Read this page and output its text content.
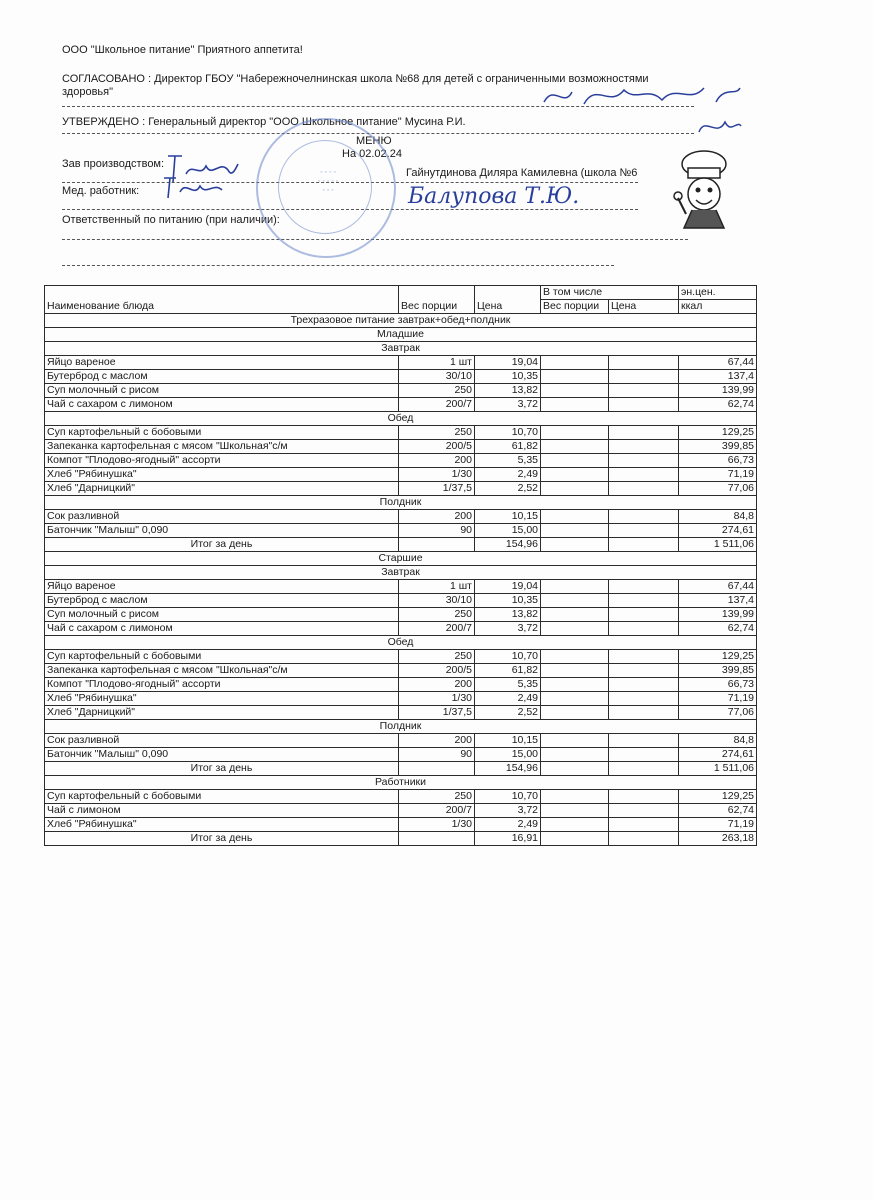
ООО "Школьное питание" Приятного аппетита!
СОГЛАСОВАНО : Директор ГБОУ "Набережночелнинская школа №68 для детей с ограниченными возможностями
здоровья"
УТВЕРЖДЕНО : Генеральный директор "ООО Школьное питание" Мусина Р.И.
МЕНЮ
На 02.02.24
Зав производством:
Гайнутдинова Диляра Камилевна (школа №6
Мед. работник:
Ответственный по питанию (при наличии):
◦ ◦ ◦ ◦
◦ ◦ ◦ ◦ ◦
◦ ◦ ◦	Балупова Т.Ю.
Наименование блюда	Вес порции	Цена	В том числе		эн.цен.
			Вес порции	Цена	ккал
Трехразовое питание завтрак+обед+полдник					
Младшие					
Завтрак					
Яйцо вареное	1 шт	19,04			67,44
Бутерброд с маслом	30/10	10,35			137,4
Суп молочный с рисом	250	13,82			139,99
Чай с сахаром с лимоном	200/7	3,72			62,74
Обед					
Суп картофельный с бобовыми	250	10,70			129,25
Запеканка картофельная с мясом "Школьная"с/м	200/5	61,82			399,85
Компот "Плодово-ягодный" ассорти	200	5,35			66,73
Хлеб "Рябинушка"	1/30	2,49			71,19
Хлеб "Дарницкий"	1/37,5	2,52			77,06
Полдник					
Сок разливной	200	10,15			84,8
Батончик "Малыш" 0,090	90	15,00			274,61
Итог за день		154,96			1 511,06
Старшие					
Завтрак					
Яйцо вареное	1 шт	19,04			67,44
Бутерброд с маслом	30/10	10,35			137,4
Суп молочный с рисом	250	13,82			139,99
Чай с сахаром с лимоном	200/7	3,72			62,74
Обед					
Суп картофельный с бобовыми	250	10,70			129,25
Запеканка картофельная с мясом "Школьная"с/м	200/5	61,82			399,85
Компот "Плодово-ягодный" ассорти	200	5,35			66,73
Хлеб "Рябинушка"	1/30	2,49			71,19
Хлеб "Дарницкий"	1/37,5	2,52			77,06
Полдник					
Сок разливной	200	10,15			84,8
Батончик "Малыш" 0,090	90	15,00			274,61
Итог за день		154,96			1 511,06
Работники					
Суп картофельный с бобовыми	250	10,70			129,25
Чай с лимоном	200/7	3,72			62,74
Хлеб "Рябинушка"	1/30	2,49			71,19
Итог за день		16,91			263,18
